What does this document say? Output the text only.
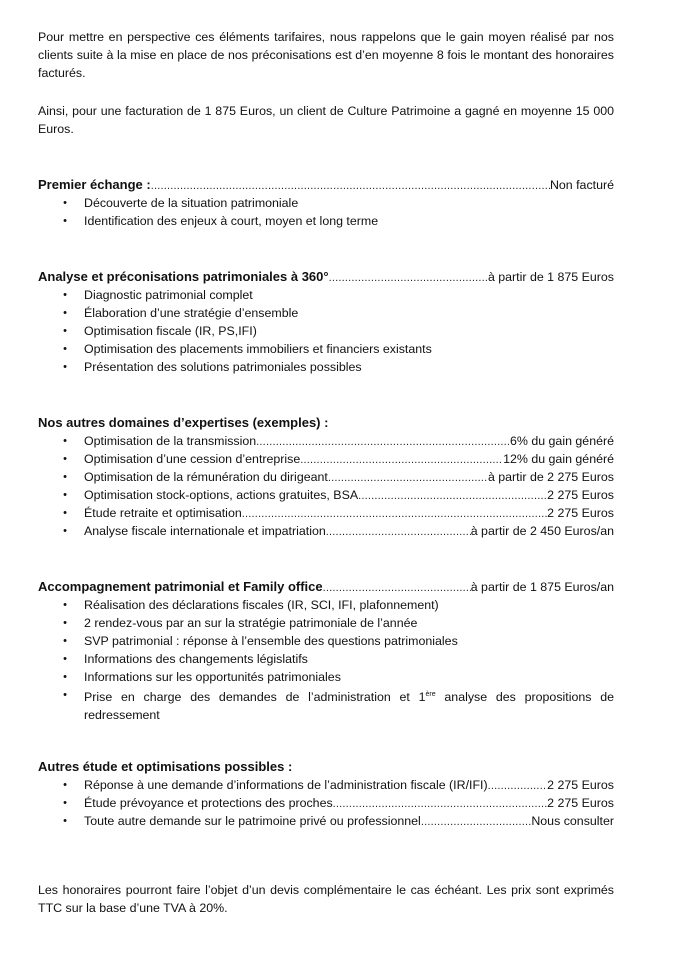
Pour mettre en perspective ces éléments tarifaires, nous rappelons que le gain moyen réalisé par nos clients suite à la mise en place de nos préconisations est d’en moyenne 8 fois le montant des honoraires facturés.

Ainsi, pour une facturation de 1 875 Euros, un client de Culture Patrimoine a gagné en moyenne 15 000 Euros.

Premier échange : .....	Non facturé
• Découverte de la situation patrimoniale
• Identification des enjeux à court, moyen et long terme
Analyse et préconisations patrimoniales à 360° .....	à partir de 1 875 Euros
• Diagnostic patrimonial complet
• Élaboration d’une stratégie d’ensemble
• Optimisation fiscale (IR, PS,IFI)
• Optimisation des placements immobiliers et financiers existants
• Présentation des solutions patrimoniales possibles
Nos autres domaines d’expertises (exemples) :
• Optimisation de la transmission .....	6% du gain généré
• Optimisation d’une cession d’entreprise .....	12% du gain généré
• Optimisation de la rémunération du dirigeant .....	à partir de 2 275 Euros
• Optimisation stock-options, actions gratuites, BSA .....	2 275 Euros
• Étude retraite et optimisation .....	2 275 Euros
• Analyse fiscale internationale et impatriation .....	à partir de 2 450 Euros/an
Accompagnement patrimonial et Family office .....	à partir de 1 875 Euros/an
• Réalisation des déclarations fiscales (IR, SCI, IFI, plafonnement)
• 2 rendez-vous par an sur la stratégie patrimoniale de l’année
• SVP patrimonial : réponse à l’ensemble des questions patrimoniales
• Informations des changements législatifs
• Informations sur les opportunités patrimoniales
• Prise en charge des demandes de l’administration et 1ère analyse des propositions de redressement
Autres étude et optimisations possibles :
• Réponse à une demande d’informations de l’administration fiscale (IR/IFI) .....	2 275 Euros
• Étude prévoyance et protections des proches .....	2 275 Euros
• Toute autre demande sur le patrimoine privé ou professionnel .....	Nous consulter

Les honoraires pourront faire l’objet d’un devis complémentaire le cas échéant. Les prix sont exprimés TTC sur la base d’une TVA à 20%.
